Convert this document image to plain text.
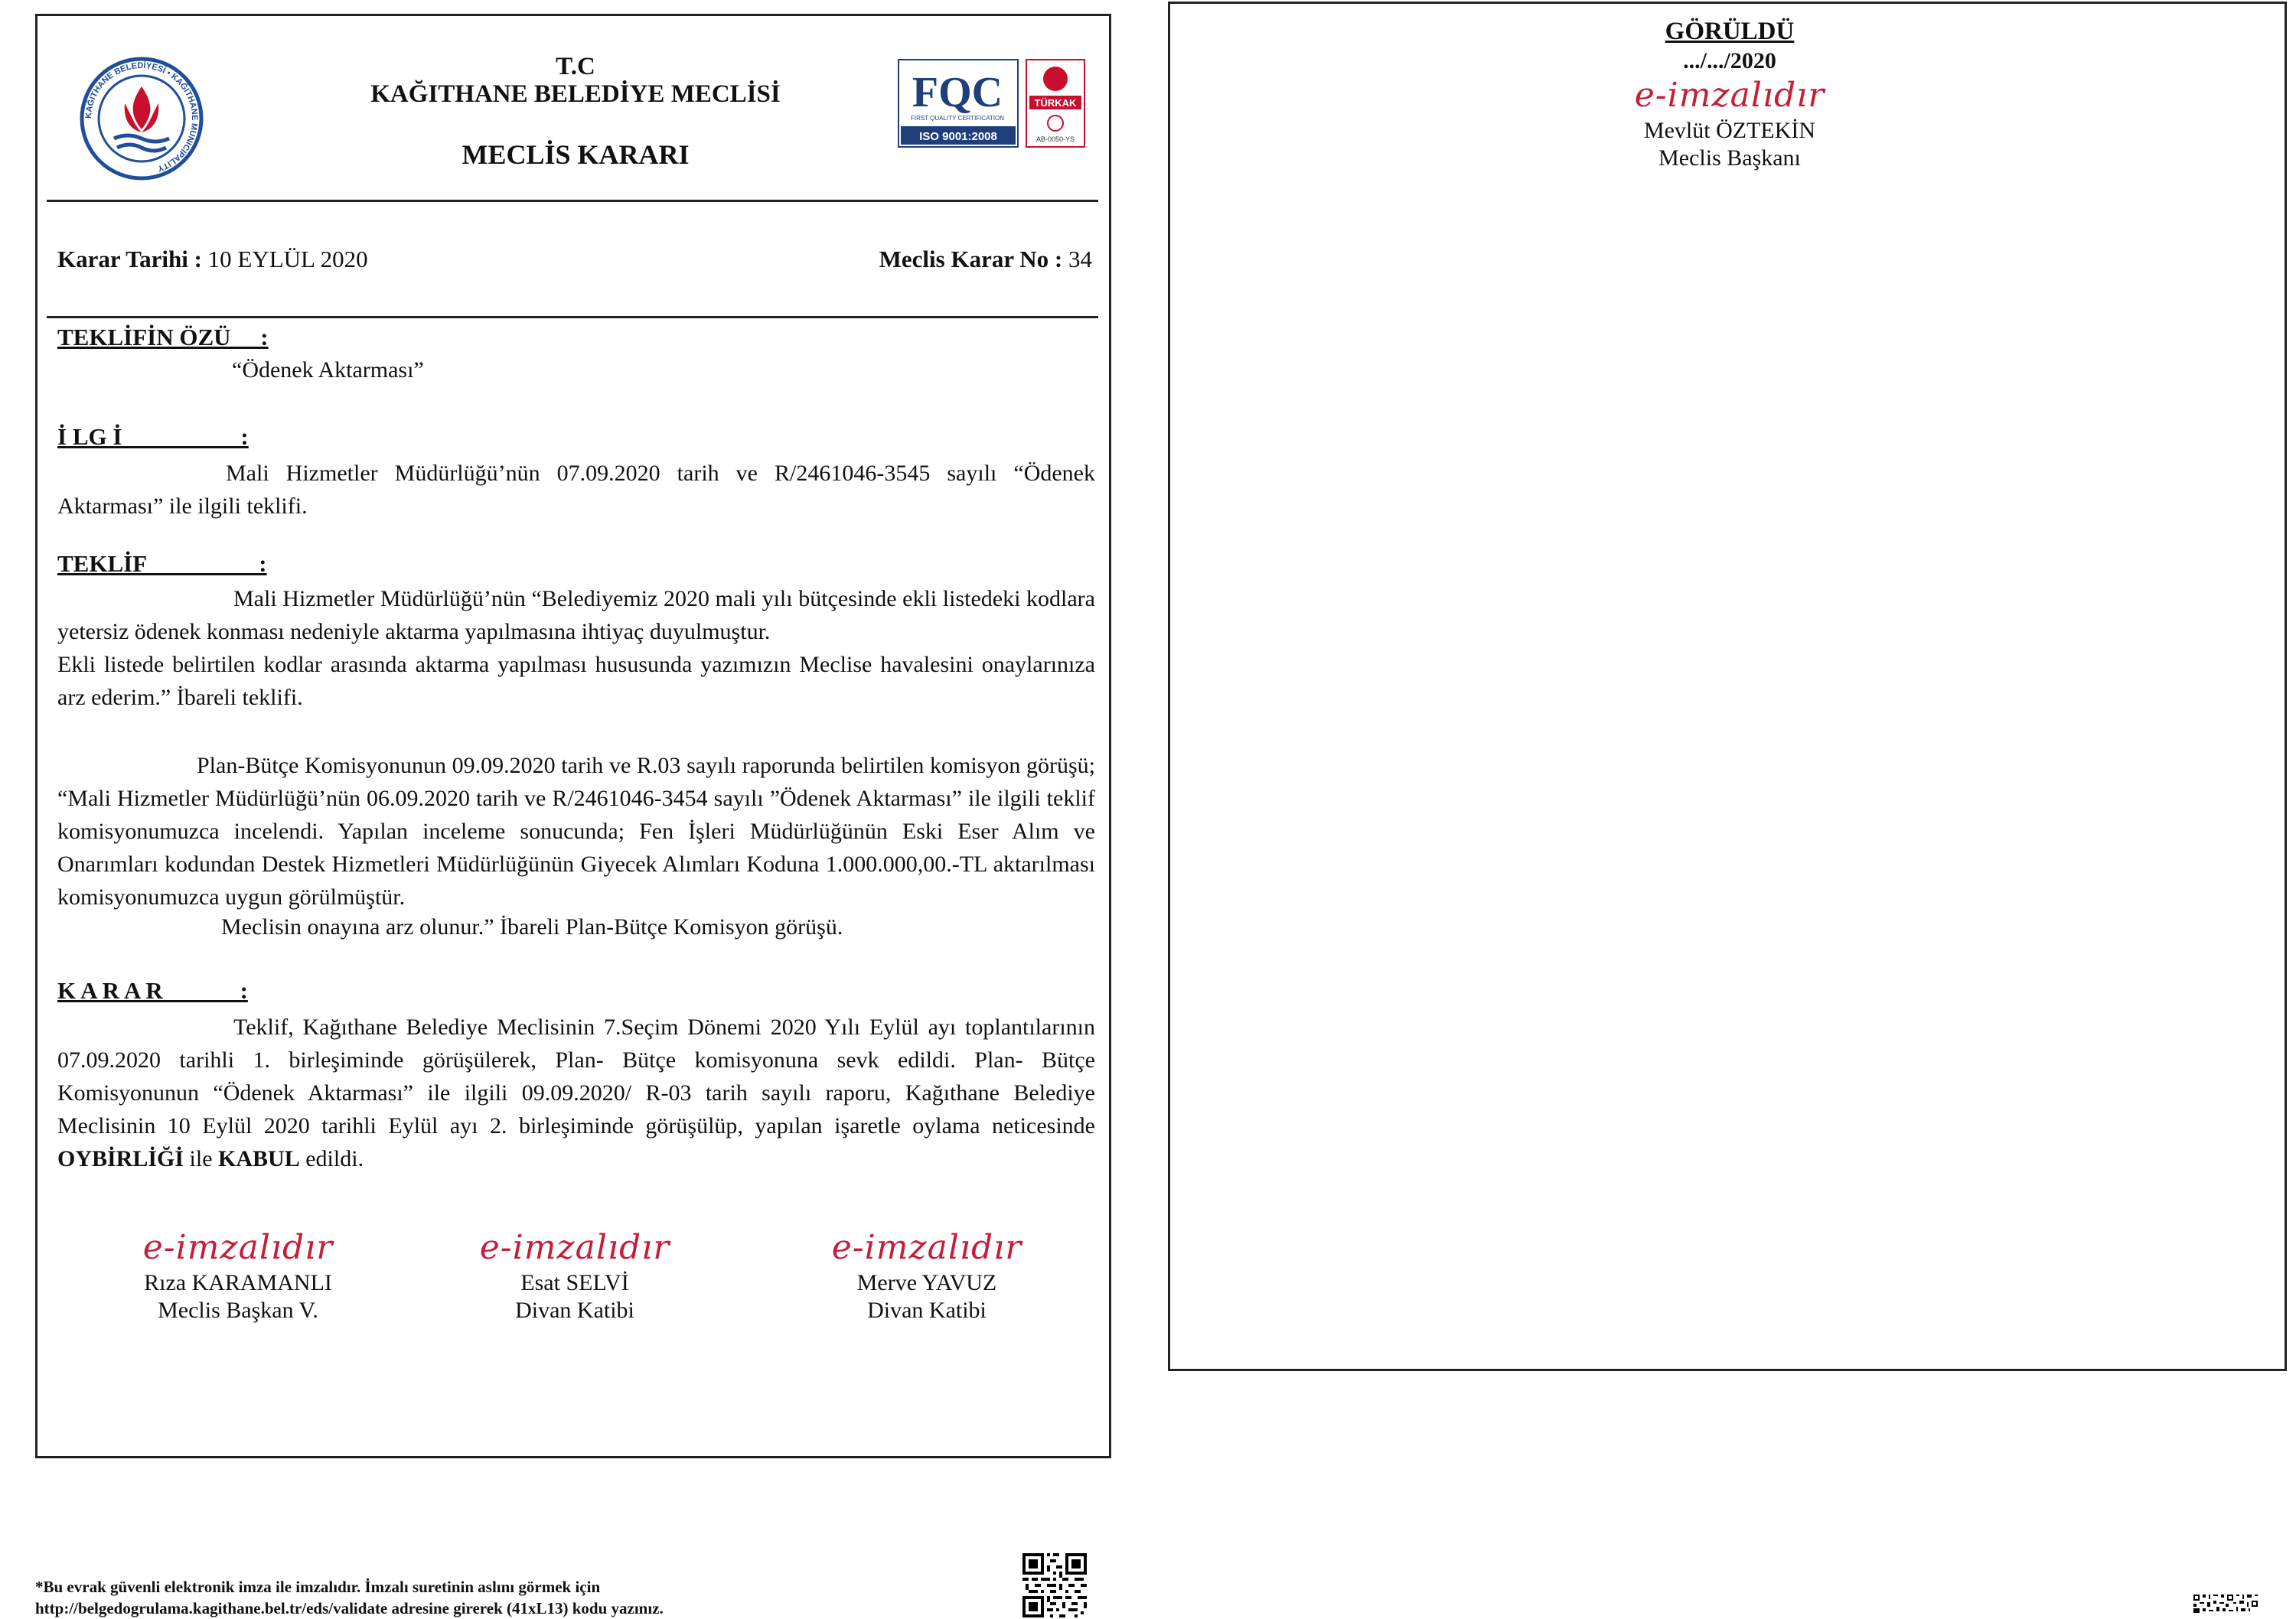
KAĞITHANE BELEDİYESİ • KAĞITHANE MUNICIPALITY
T.C
KAĞITHANE BELEDİYE MECLİSİ
MECLİS KARARI
FQC
FIRST QUALITY CERTIFICATION
ISO 9001:2008
TÜRKAK
AB-0050-YS
Karar Tarihi : 10 EYLÜL 2020	Meclis Karar No : 34
TEKLİFİN ÖZÜ     :
“Ödenek Aktarması”
İ LG İ                    :
Mali Hizmetler Müdürlüğü’nün 07.09.2020 tarih ve R/2461046-3545 sayılı “Ödenek Aktarması” ile ilgili teklifi.
TEKLİF                   :
Mali Hizmetler Müdürlüğü’nün “Belediyemiz 2020 mali yılı bütçesinde ekli listedeki kodlara yetersiz ödenek konması nedeniyle aktarma yapılmasına ihtiyaç duyulmuştur.
Ekli listede belirtilen kodlar arasında aktarma yapılması hususunda yazımızın Meclise havalesini onaylarınıza arz ederim.” İbareli teklifi.
Plan-Bütçe Komisyonunun 09.09.2020 tarih ve R.03 sayılı raporunda belirtilen komisyon görüşü; “Mali Hizmetler Müdürlüğü’nün 06.09.2020 tarih ve R/2461046-3454 sayılı ”Ödenek Aktarması” ile ilgili teklif komisyonumuzca incelendi. Yapılan inceleme sonucunda; Fen İşleri Müdürlüğünün Eski Eser Alım ve Onarımları kodundan Destek Hizmetleri Müdürlüğünün Giyecek Alımları Koduna 1.000.000,00.-TL aktarılması komisyonumuzca uygun görülmüştür.
Meclisin onayına arz olunur.” İbareli Plan-Bütçe Komisyon görüşü.
K A R A R             :
Teklif, Kağıthane Belediye Meclisinin 7.Seçim Dönemi 2020 Yılı Eylül ayı toplantılarının 07.09.2020 tarihli 1. birleşiminde görüşülerek, Plan- Bütçe komisyonuna sevk edildi. Plan- Bütçe Komisyonunun “Ödenek Aktarması” ile ilgili 09.09.2020/ R-03 tarih sayılı raporu, Kağıthane Belediye Meclisinin 10 Eylül 2020 tarihli Eylül ayı 2. birleşiminde görüşülüp, yapılan işaretle oylama neticesinde OYBİRLİĞİ ile KABUL edildi.
e-imzalıdır
Rıza KARAMANLI
Meclis Başkan V.
e-imzalıdır
Esat SELVİ
Divan Katibi
e-imzalıdır
Merve YAVUZ
Divan Katibi
GÖRÜLDÜ
.../.../2020
e-imzalıdır
Mevlüt ÖZTEKİN
Meclis Başkanı
*Bu evrak güvenli elektronik imza ile imzalıdır. İmzalı suretinin aslını görmek için
http://belgedogrulama.kagithane.bel.tr/eds/validate adresine girerek (41xL13) kodu yazınız.
